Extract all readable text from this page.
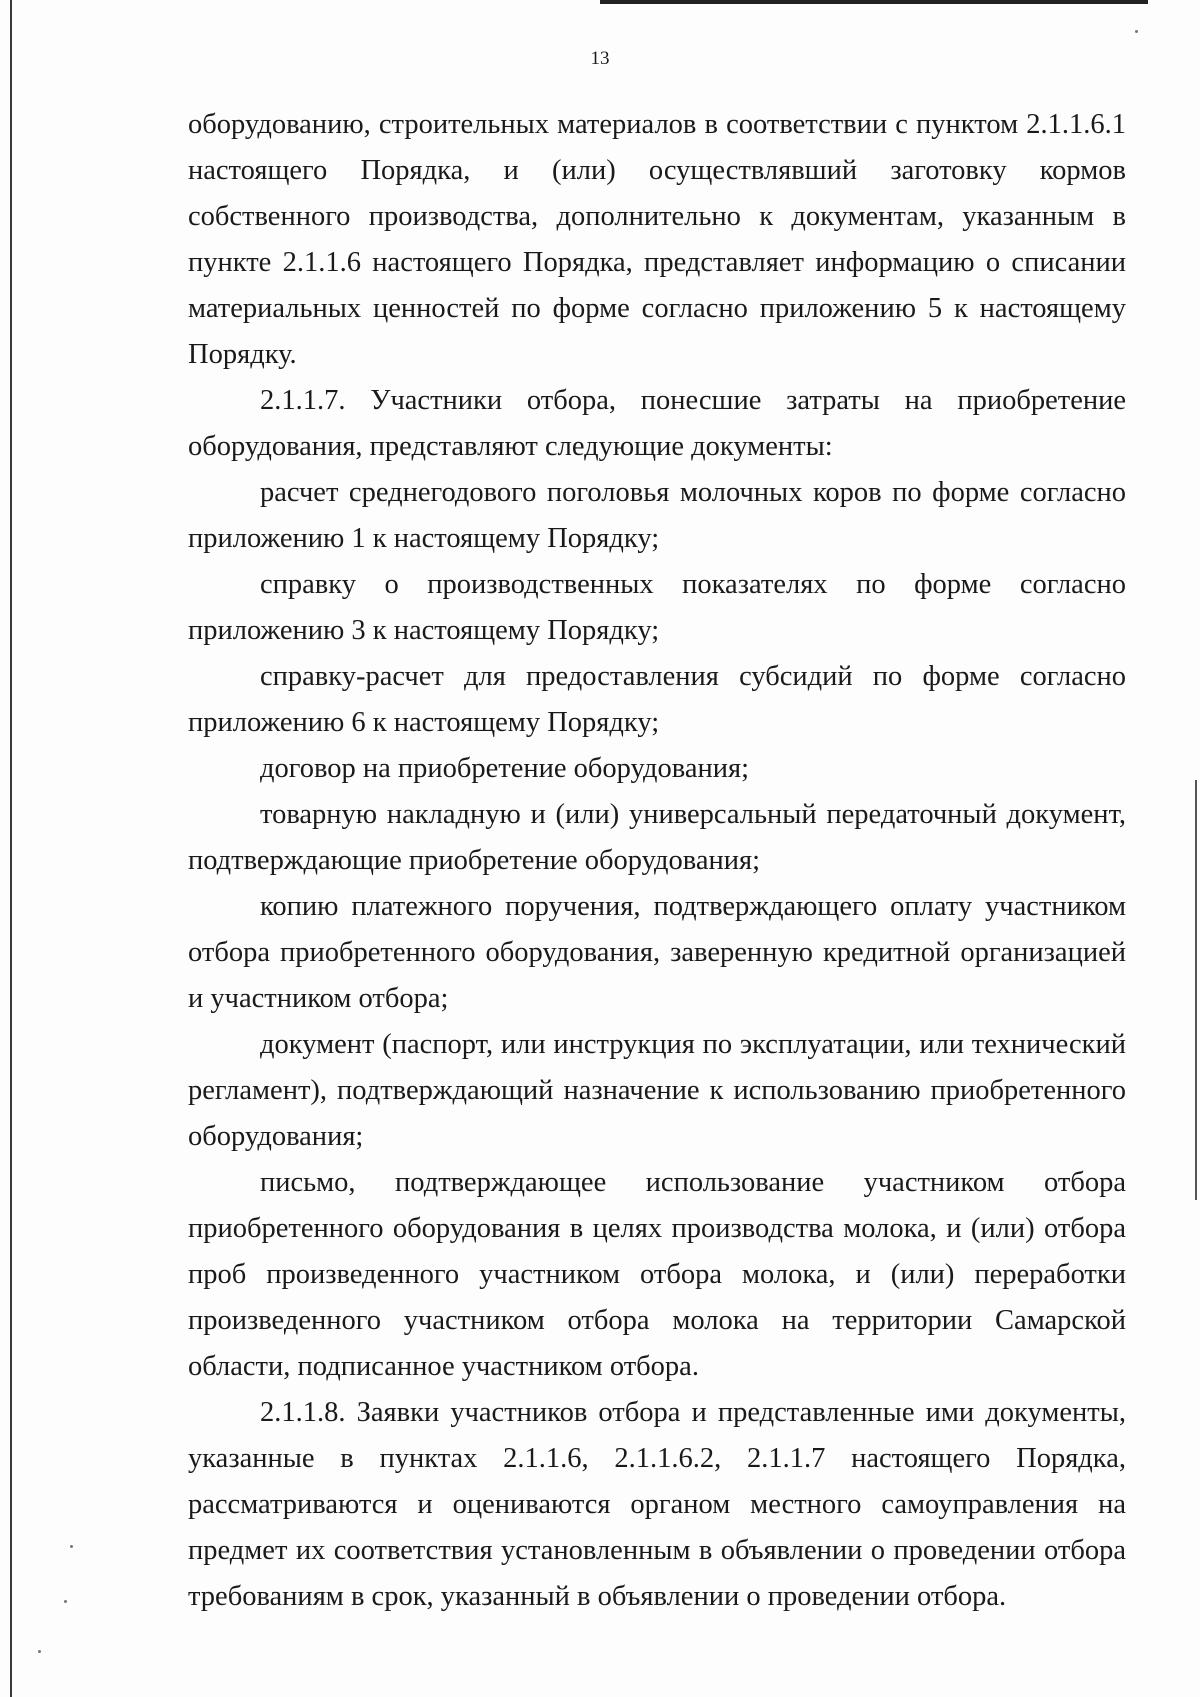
13

оборудованию, строительных материалов в соответствии с пунктом 2.1.1.6.1 настоящего Порядка, и (или) осуществлявший заготовку кормов собственного производства, дополнительно к документам, указанным в пункте 2.1.1.6 настоящего Порядка, представляет информацию о списании материальных ценностей по форме согласно приложению 5 к настоящему Порядку.

2.1.1.7. Участники отбора, понесшие затраты на приобретение оборудования, представляют следующие документы:

расчет среднегодового поголовья молочных коров по форме согласно приложению 1 к настоящему Порядку;

справку о производственных показателях по форме согласно приложению 3 к настоящему Порядку;

справку-расчет для предоставления субсидий по форме согласно приложению 6 к настоящему Порядку;

договор на приобретение оборудования;

товарную накладную и (или) универсальный передаточный документ, подтверждающие приобретение оборудования;

копию платежного поручения, подтверждающего оплату участником отбора приобретенного оборудования, заверенную кредитной организацией и участником отбора;

документ (паспорт, или инструкция по эксплуатации, или технический регламент), подтверждающий назначение к использованию приобретенного оборудования;

письмо, подтверждающее использование участником отбора приобретенного оборудования в целях производства молока, и (или) отбора проб произведенного участником отбора молока, и (или) переработки произведенного участником отбора молока на территории Самарской области, подписанное участником отбора.

2.1.1.8. Заявки участников отбора и представленные ими документы, указанные в пунктах 2.1.1.6, 2.1.1.6.2, 2.1.1.7 настоящего Порядка, рассматриваются и оцениваются органом местного самоуправления на предмет их соответствия установленным в объявлении о проведении отбора требованиям в срок, указанный в объявлении о проведении отбора.
